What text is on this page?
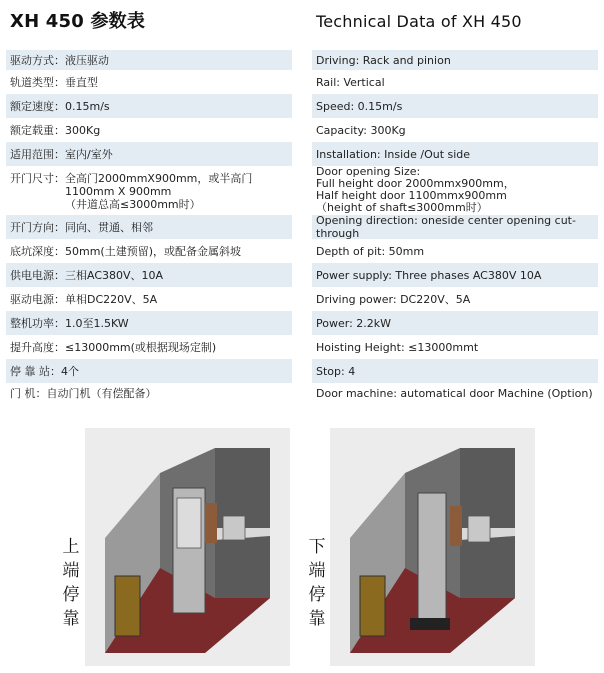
XH 450 参数表
驱动方式： 液压驱动
轨道类型： 垂直型
额定速度： 0.15m/s
额定载重： 300Kg
适用范围： 室内/室外
开门尺寸： 全高门2000mmX900mm，或半高门
1100mm X 900mm
（井道总高≤3000mm时）
开门方向： 同向、贯通、相邻
底坑深度： 50mm(土建预留)，或配备金属斜坡
供电电源： 三相AC380V、10A
驱动电源： 单相DC220V、5A
整机功率： 1.0至1.5KW
提升高度： ≤13000mm(或根据现场定制)
停 靠 站： 4个
门 机： 自动门机（有偿配备）
Technical Data of XH 450
Driving: Rack and pinion
Rail: Vertical
Speed: 0.15m/s
Capacity: 300Kg
Installation: Inside /Out side
Door opening Size:
Full height door 2000mmx900mm，
Half height door 1100mmx900mm
（height of shaft≤3000mm时）
Opening direction: oneside center opening cut-through
Depth of pit: 50mm
Power supply: Three phases AC380V 10A
Driving power: DC220V、5A
Power: 2.2kW
Hoisting Height: ≤13000mmt
Stop: 4
Door machine: automatical door Machine (Option)
上
端
停
靠
下
端
停
靠
